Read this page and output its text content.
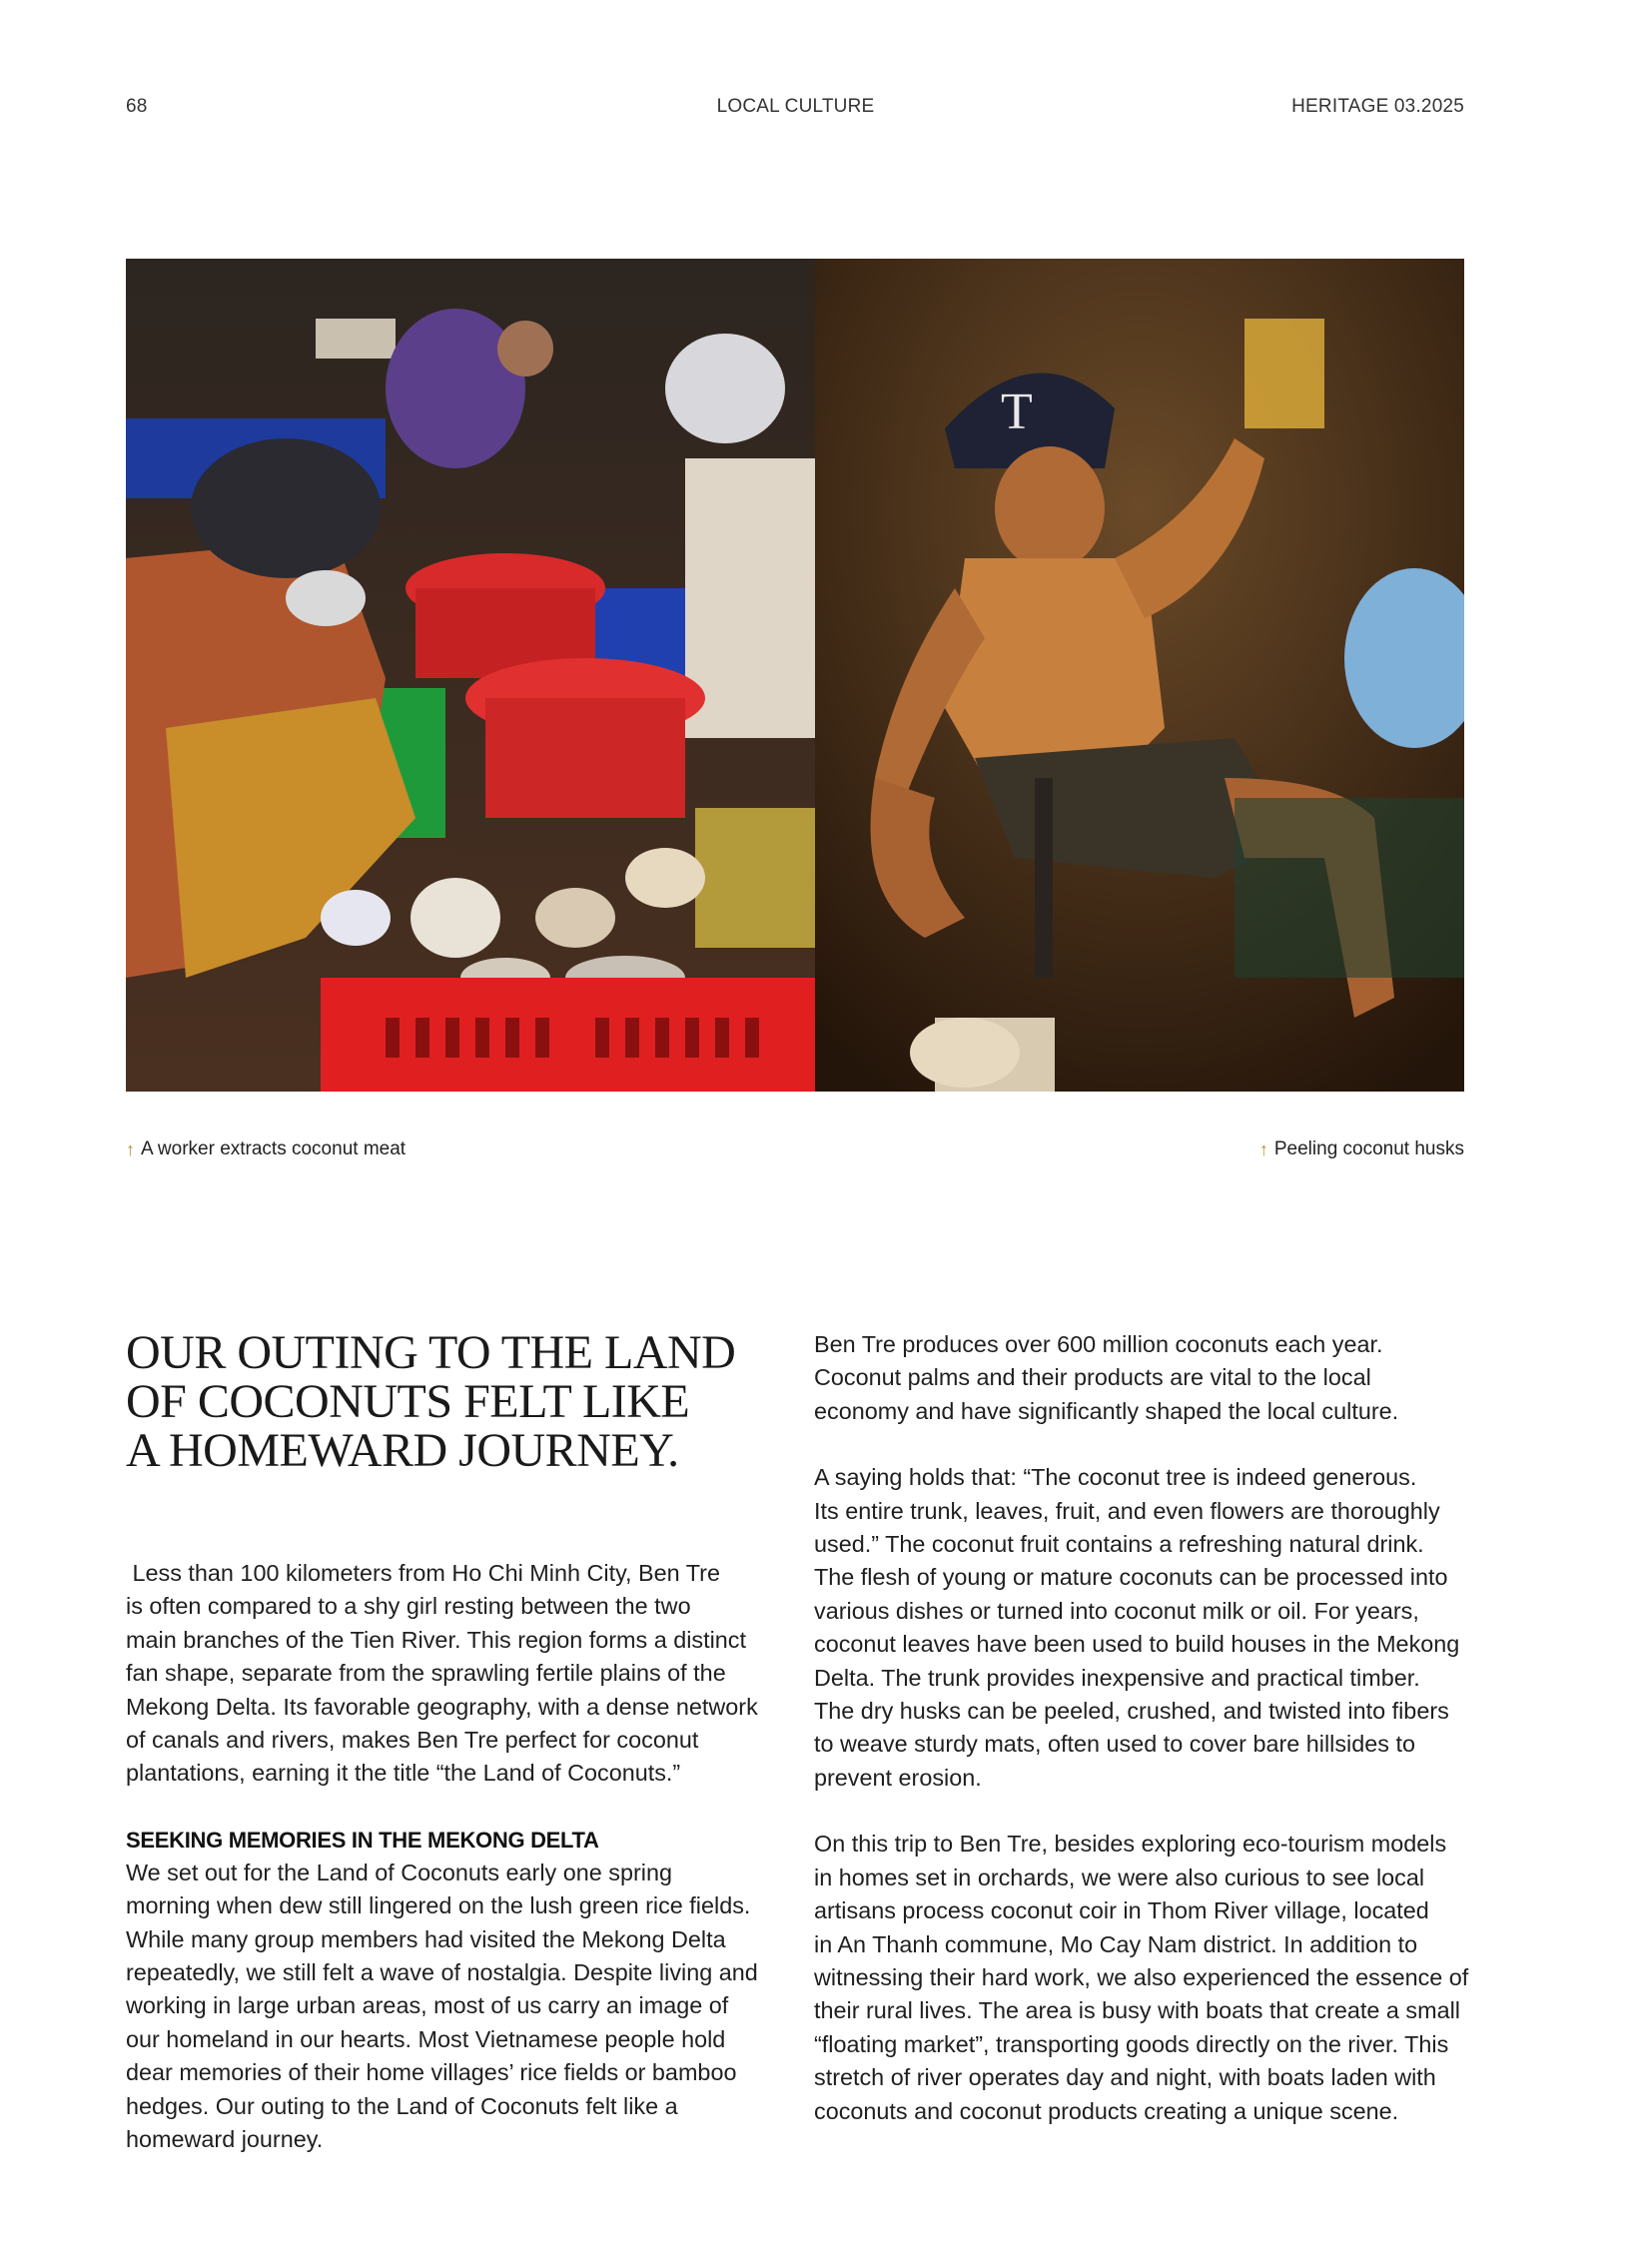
68	LOCAL CULTURE	HERITAGE 03.2025
T
↑ A worker extracts coconut meat	↑ Peeling coconut husks
OUR OUTING TO THE LAND
OF COCONUTS FELT LIKE
A HOMEWARD JOURNEY.

Less than 100 kilometers from Ho Chi Minh City, Ben Tre
is often compared to a shy girl resting between the two
main branches of the Tien River. This region forms a distinct
fan shape, separate from the sprawling fertile plains of the
Mekong Delta. Its favorable geography, with a dense network
of canals and rivers, makes Ben Tre perfect for coconut
plantations, earning it the title “the Land of Coconuts.”

SEEKING MEMORIES IN THE MEKONG DELTA

We set out for the Land of Coconuts early one spring
morning when dew still lingered on the lush green rice fields.
While many group members had visited the Mekong Delta
repeatedly, we still felt a wave of nostalgia. Despite living and
working in large urban areas, most of us carry an image of
our homeland in our hearts. Most Vietnamese people hold
dear memories of their home villages’ rice fields or bamboo
hedges. Our outing to the Land of Coconuts felt like a
homeward journey.

Ben Tre produces over 600 million coconuts each year.
Coconut palms and their products are vital to the local
economy and have significantly shaped the local culture.

A saying holds that: “The coconut tree is indeed generous.
Its entire trunk, leaves, fruit, and even flowers are thoroughly
used.” The coconut fruit contains a refreshing natural drink.
The flesh of young or mature coconuts can be processed into
various dishes or turned into coconut milk or oil. For years,
coconut leaves have been used to build houses in the Mekong
Delta. The trunk provides inexpensive and practical timber.
The dry husks can be peeled, crushed, and twisted into fibers
to weave sturdy mats, often used to cover bare hillsides to
prevent erosion.

On this trip to Ben Tre, besides exploring eco-tourism models
in homes set in orchards, we were also curious to see local
artisans process coconut coir in Thom River village, located
in An Thanh commune, Mo Cay Nam district. In addition to
witnessing their hard work, we also experienced the essence of
their rural lives. The area is busy with boats that create a small
“floating market”, transporting goods directly on the river. This
stretch of river operates day and night, with boats laden with
coconuts and coconut products creating a unique scene.
